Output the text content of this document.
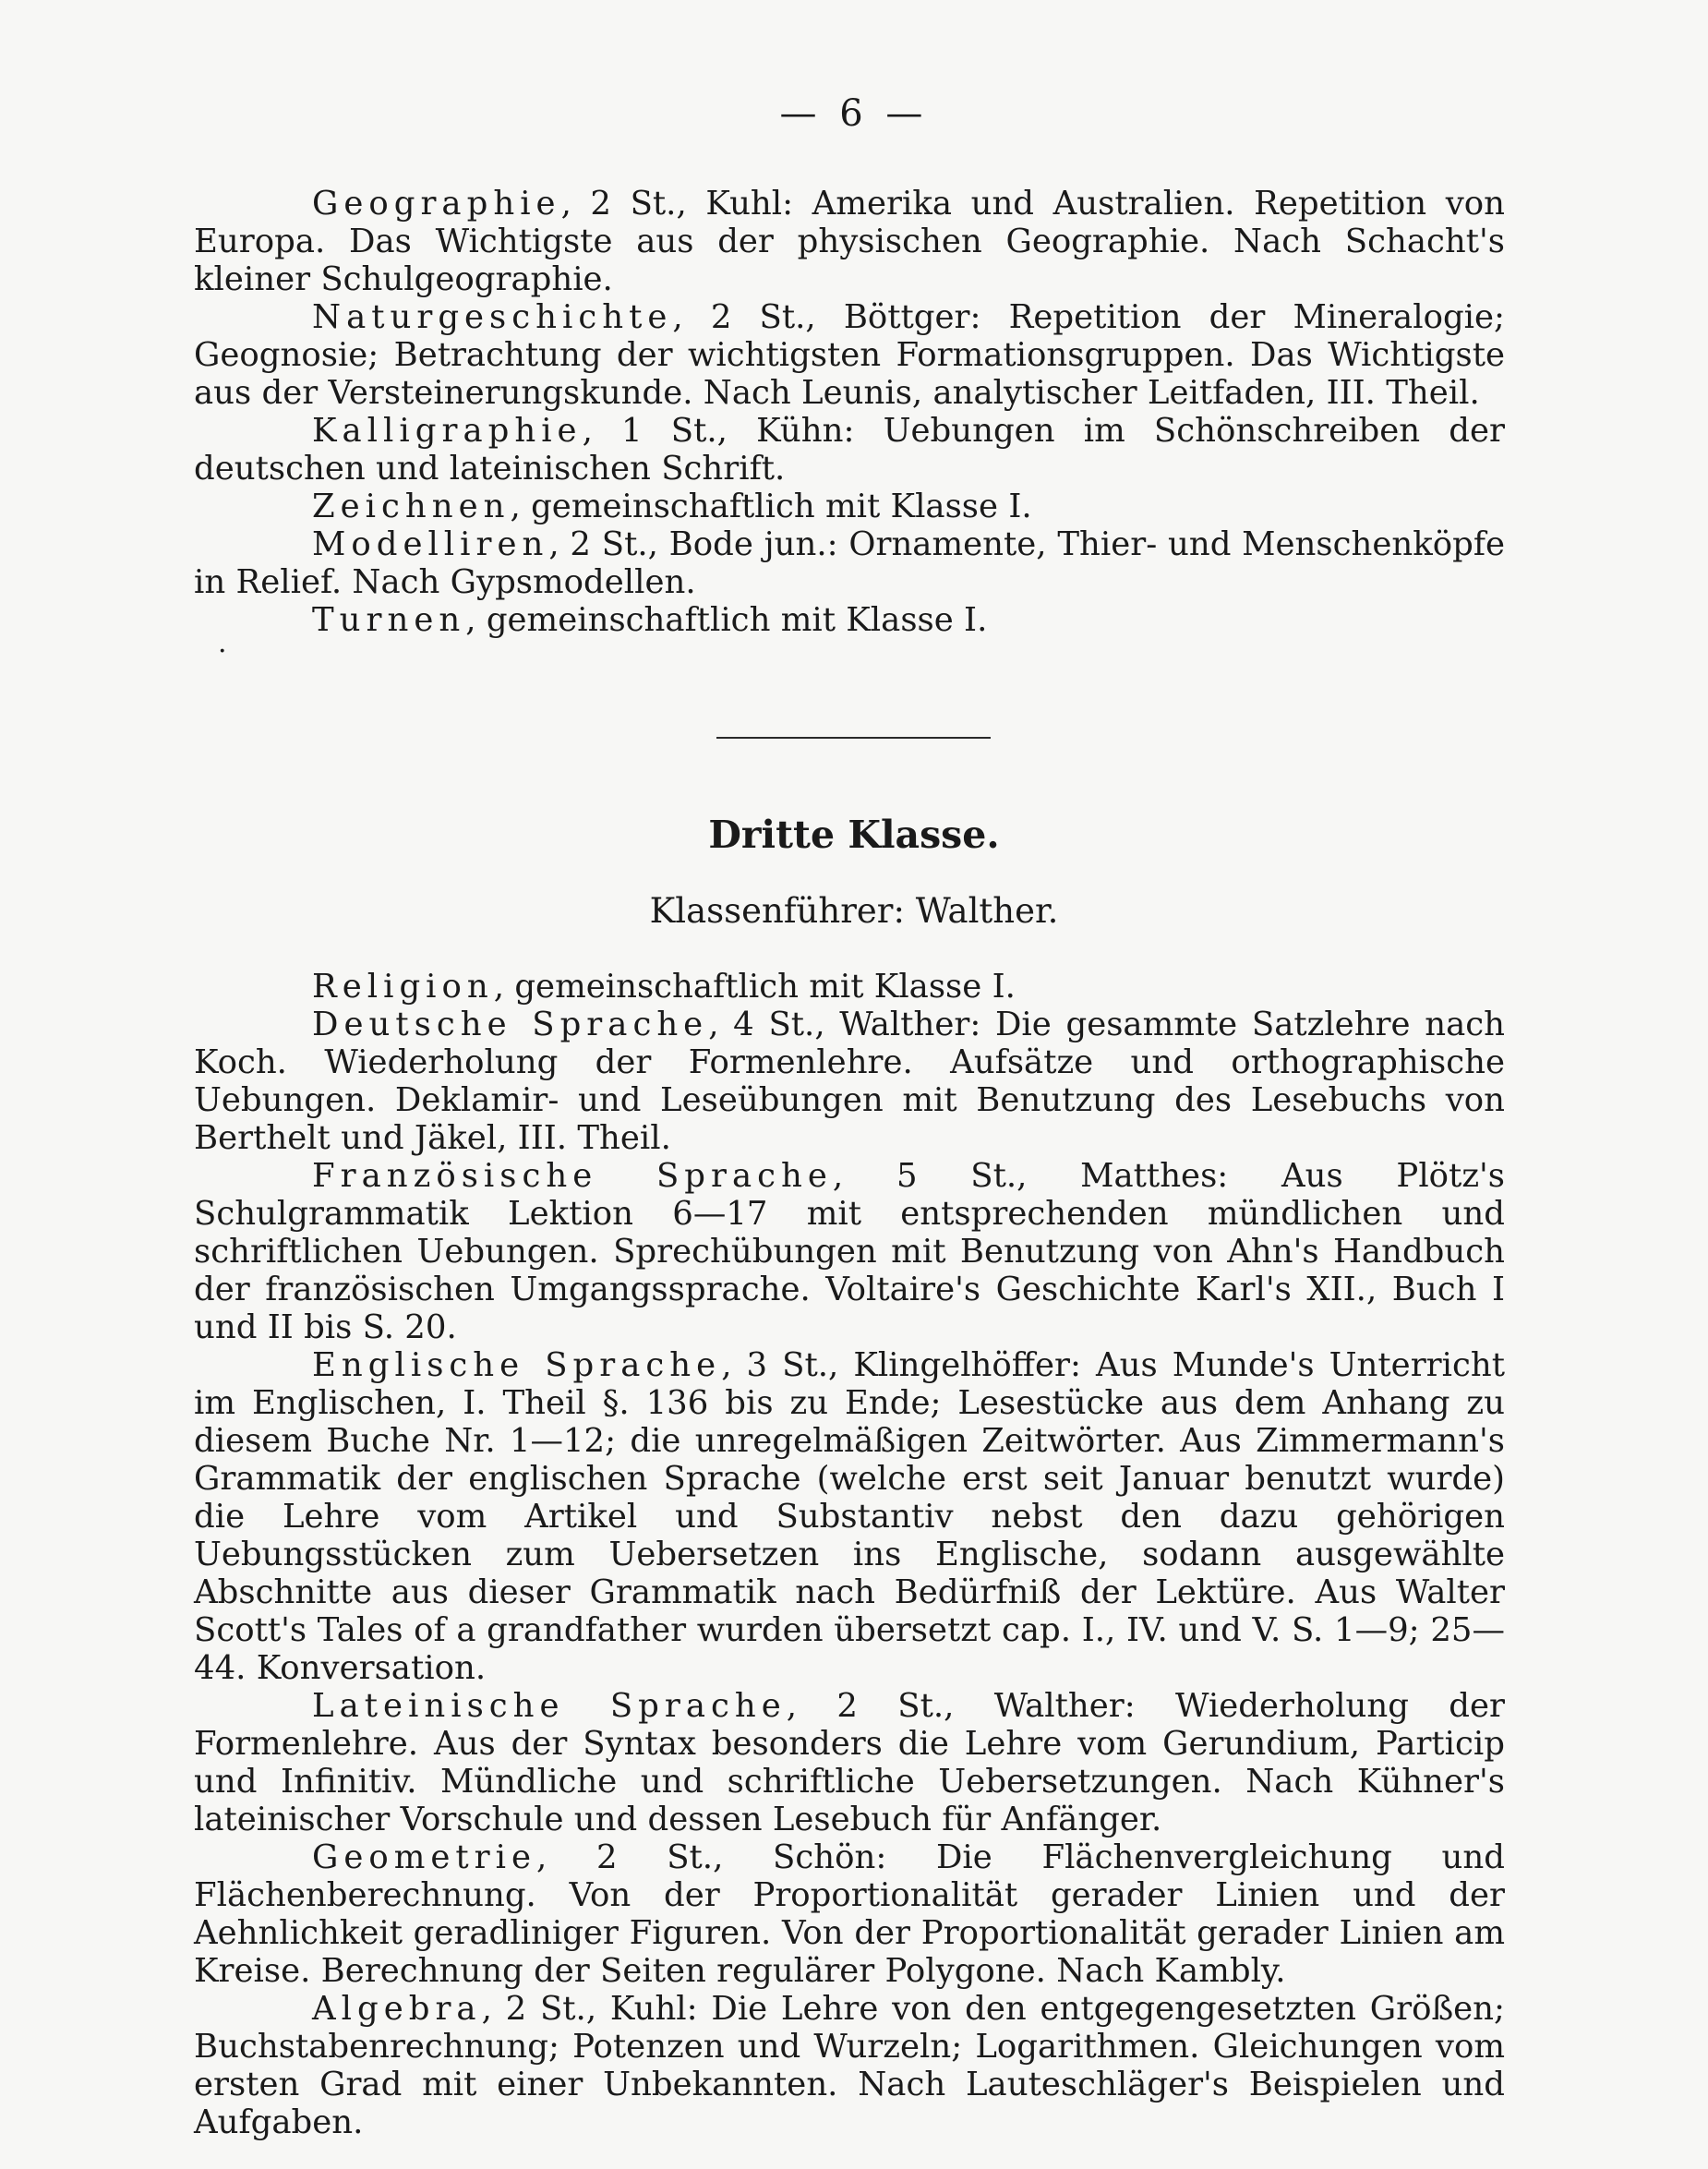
— 6 —
·

Geographie, 2 St., Kuhl: Amerika und Australien. Repetition von Europa. Das Wichtigste aus der physischen Geographie. Nach Schacht's kleiner Schulgeographie.

Naturgeschichte, 2 St., Böttger: Repetition der Mineralogie; Geognosie; Betrachtung der wichtigsten Formationsgruppen. Das Wichtigste aus der Versteinerungskunde. Nach Leunis, analytischer Leitfaden, III. Theil.

Kalligraphie, 1 St., Kühn: Uebungen im Schönschreiben der deutschen und lateinischen Schrift.

Zeichnen, gemeinschaftlich mit Klasse I.

Modelliren, 2 St., Bode jun.: Ornamente, Thier- und Menschenköpfe in Relief. Nach Gypsmodellen.

Turnen, gemeinschaftlich mit Klasse I.

Dritte Klasse.
Klassenführer: Walther.

Religion, gemeinschaftlich mit Klasse I.

Deutsche Sprache, 4 St., Walther: Die gesammte Satzlehre nach Koch. Wiederholung der Formenlehre. Aufsätze und orthographische Uebungen. Deklamir- und Leseübungen mit Benutzung des Lesebuchs von Berthelt und Jäkel, III. Theil.

Französische Sprache, 5 St., Matthes: Aus Plötz's Schulgrammatik Lektion 6—17 mit entsprechenden mündlichen und schriftlichen Uebungen. Sprechübungen mit Benutzung von Ahn's Handbuch der französischen Umgangssprache. Voltaire's Geschichte Karl's XII., Buch I und II bis S. 20.

Englische Sprache, 3 St., Klingelhöffer: Aus Munde's Unterricht im Englischen, I. Theil §. 136 bis zu Ende; Lesestücke aus dem Anhang zu diesem Buche Nr. 1—12; die unregelmäßigen Zeitwörter. Aus Zimmermann's Grammatik der englischen Sprache (welche erst seit Januar benutzt wurde) die Lehre vom Artikel und Substantiv nebst den dazu gehörigen Uebungsstücken zum Uebersetzen ins Englische, sodann ausgewählte Abschnitte aus dieser Grammatik nach Bedürfniß der Lektüre. Aus Walter Scott's Tales of a grandfather wurden übersetzt cap. I., IV. und V. S. 1—9; 25—44. Konversation.

Lateinische Sprache, 2 St., Walther: Wiederholung der Formenlehre. Aus der Syntax besonders die Lehre vom Gerundium, Particip und Infinitiv. Mündliche und schriftliche Uebersetzungen. Nach Kühner's lateinischer Vorschule und dessen Lesebuch für Anfänger.

Geometrie, 2 St., Schön: Die Flächenvergleichung und Flächenberechnung. Von der Proportionalität gerader Linien und der Aehnlichkeit geradliniger Figuren. Von der Proportionalität gerader Linien am Kreise. Berechnung der Seiten regulärer Polygone. Nach Kambly.

Algebra, 2 St., Kuhl: Die Lehre von den entgegengesetzten Größen; Buchstabenrechnung; Potenzen und Wurzeln; Logarithmen. Gleichungen vom ersten Grad mit einer Unbekannten. Nach Lauteschläger's Beispielen und Aufgaben.
